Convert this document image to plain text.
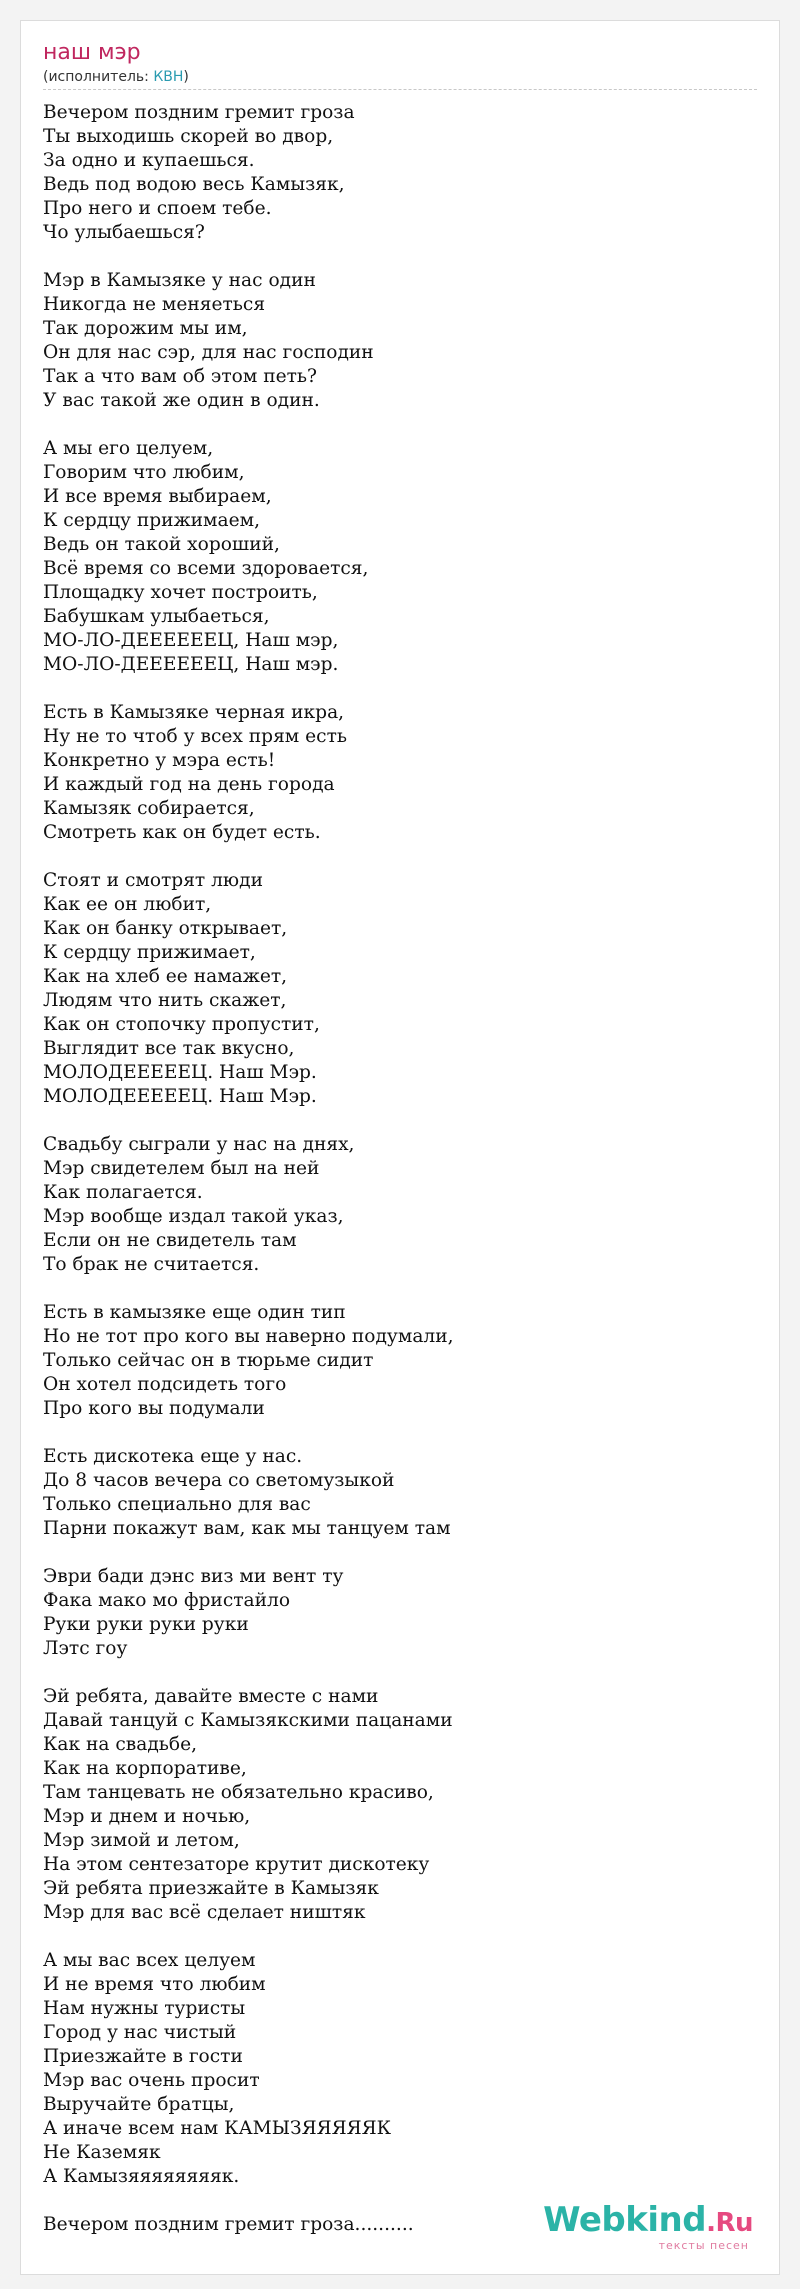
наш мэр
(исполнитель: КВН)
Вечером поздним гремит гроза
Ты выходишь скорей во двор,
За одно и купаешься.
Ведь под водою весь Камызяк,
Про него и споем тебе.
Чо улыбаешься?

Мэр в Камызяке у нас один
Никогда не меняеться
Так дорожим мы им,
Он для нас сэр, для нас господин
Так а что вам об этом петь?
У вас такой же один в один.

А мы его целуем,
Говорим что любим,
И все время выбираем,
К сердцу прижимаем,
Ведь он такой хороший,
Всё время со всеми здоровается,
Площадку хочет построить,
Бабушкам улыбаеться,
МО-ЛО-ДЕЕЕЕЕЕЦ, Наш мэр,
МО-ЛО-ДЕЕЕЕЕЕЦ, Наш мэр.

Есть в Камызяке черная икра,
Ну не то чтоб у всех прям есть
Конкретно у мэра есть!
И каждый год на день города
Камызяк собирается,
Смотреть как он будет есть.

Стоят и смотрят люди
Как ее он любит,
Как он банку открывает,
К сердцу прижимает,
Как на хлеб ее намажет,
Людям что нить скажет,
Как он стопочку пропустит,
Выглядит все так вкусно,
МОЛОДЕЕЕЕЕЦ. Наш Мэр.
МОЛОДЕЕЕЕЕЦ. Наш Мэр.

Свадьбу сыграли у нас на днях,
Мэр свидетелем был на ней
Как полагается.
Мэр вообще издал такой указ,
Если он не свидетель там
То брак не считается.

Есть в камызяке еще один тип
Но не тот про кого вы наверно подумали,
Только сейчас он в тюрьме сидит
Он хотел подсидеть того
Про кого вы подумали

Есть дискотека еще у нас.
До 8 часов вечера со светомузыкой
Только специально для вас
Парни покажут вам, как мы танцуем там

Эври бади дэнс виз ми вент ту
Фака мако мо фристайло
Руки руки руки руки
Лэтс гоу

Эй ребята, давайте вместе с нами
Давай танцуй с Камызякскими пацанами
Как на свадьбе,
Как на корпоративе,
Там танцевать не обязательно красиво,
Мэр и днем и ночью,
Мэр зимой и летом,
На этом сентезаторе крутит дискотеку
Эй ребята приезжайте в Камызяк
Мэр для вас всё сделает ништяк

А мы вас всех целуем
И не время что любим
Нам нужны туристы
Город у нас чистый
Приезжайте в гости
Мэр вас очень просит
Выручайте братцы,
А иначе всем нам КАМЫЗЯЯЯЯЯК
Не Каземяк
А Камызяяяяяяяяк.

Вечером поздним гремит гроза..........	Webkind.Ru
тексты песен
